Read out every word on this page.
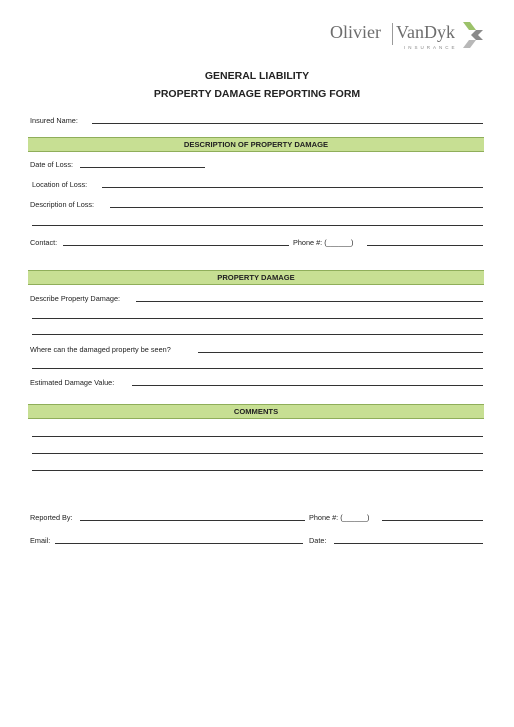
Olivier VanDyk
INSURANCE
GENERAL LIABILITY
PROPERTY DAMAGE REPORTING FORM
Insured Name:
DESCRIPTION OF PROPERTY DAMAGE
Date of Loss:
Location of Loss:
Description of Loss:
Contact:	Phone #: (______)
PROPERTY DAMAGE
Describe Property Damage:
Where can the damaged property be seen?
Estimated Damage Value:
COMMENTS
Reported By:	Phone #: (______)
Email:	Date:
